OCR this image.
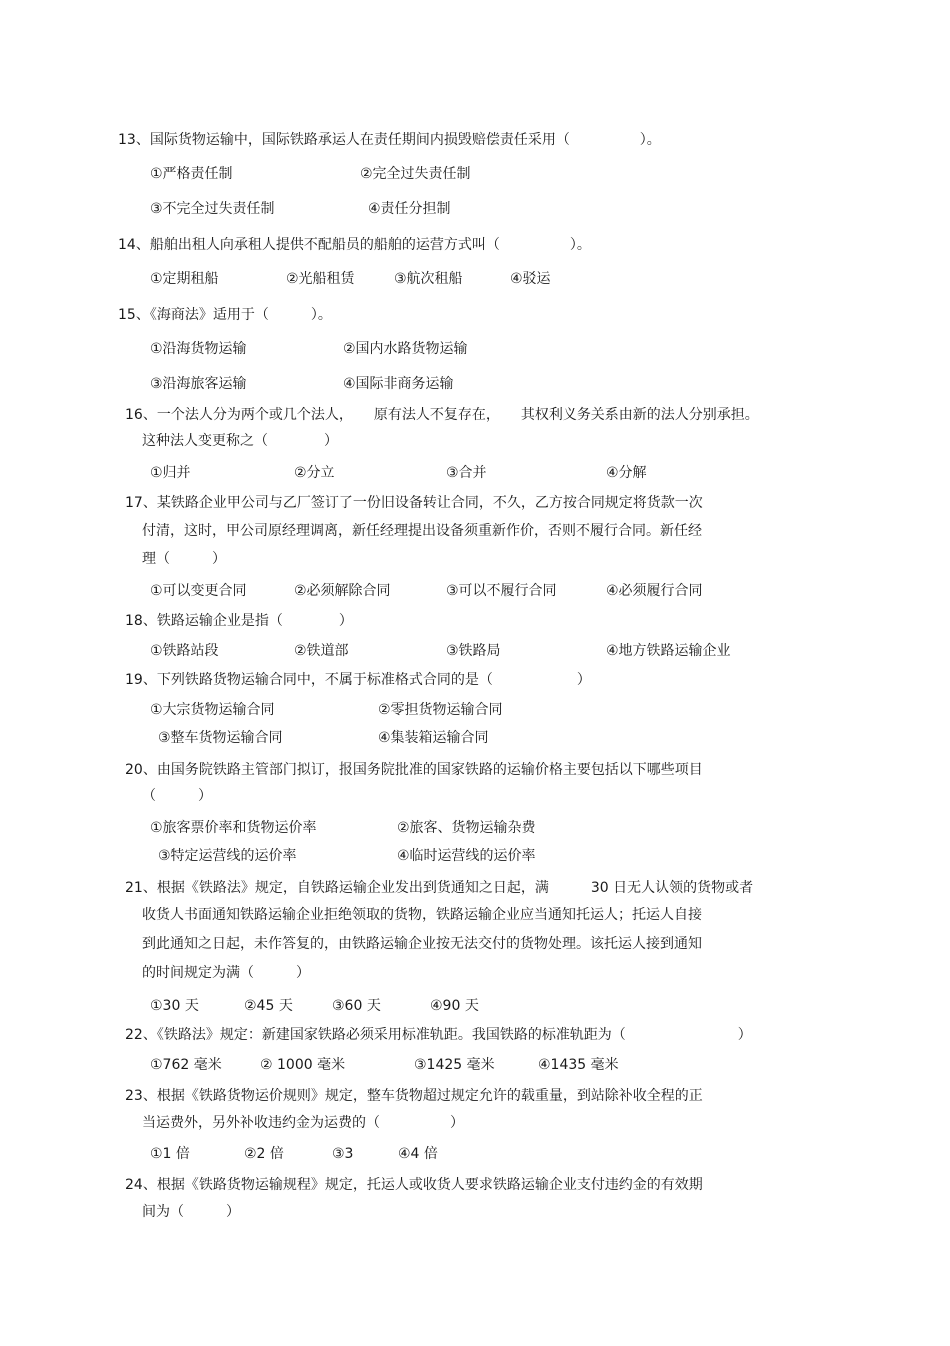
13、国际货物运输中，国际铁路承运人在责任期间内损毁赔偿责任采用（　　　　　）。
①严格责任制	②完全过失责任制
③不完全过失责任制	④责任分担制
14、船舶出租人向承租人提供不配船员的船舶的运营方式叫（　　　　　）。
①定期租船	②光船租赁	③航次租船	④驳运
15、《海商法》适用于（　　　）。
①沿海货物运输	②国内水路货物运输
③沿海旅客运输	④国际非商务运输
16、一个法人分为两个或几个法人，　　原有法人不复存在，　　其权利义务关系由新的法人分别承担。
这种法人变更称之（　　　　）
①归并	②分立	③合并	④分解
17、某铁路企业甲公司与乙厂签订了一份旧设备转让合同，不久，乙方按合同规定将货款一次
付清，这时，甲公司原经理调离，新任经理提出设备须重新作价，否则不履行合同。新任经
理（　　　）
①可以变更合同	②必须解除合同	③可以不履行合同	④必须履行合同
18、铁路运输企业是指（　　　　）
①铁路站段	②铁道部	③铁路局	④地方铁路运输企业
19、下列铁路货物运输合同中，不属于标准格式合同的是（　　　　　　）
①大宗货物运输合同	②零担货物运输合同
③整车货物运输合同	④集装箱运输合同
20、由国务院铁路主管部门拟订，报国务院批准的国家铁路的运输价格主要包括以下哪些项目
（　　　）
①旅客票价率和货物运价率	②旅客、货物运输杂费
③特定运营线的运价率	④临时运营线的运价率
21、根据《铁路法》规定，自铁路运输企业发出到货通知之日起，满　　　30 日无人认领的货物或者
收货人书面通知铁路运输企业拒绝领取的货物，铁路运输企业应当通知托运人；托运人自接
到此通知之日起，未作答复的，由铁路运输企业按无法交付的货物处理。该托运人接到通知
的时间规定为满（　　　）
①30 天	②45 天	③60 天	④90 天
22、《铁路法》规定：新建国家铁路必须采用标准轨距。我国铁路的标准轨距为（　　　　　　　　）
①762 毫米	② 1000 毫米	③1425 毫米	④1435 毫米
23、根据《铁路货物运价规则》规定，整车货物超过规定允许的载重量，到站除补收全程的正
当运费外，另外补收违约金为运费的（　　　　　）
①1 倍	②2 倍	③3	④4 倍
24、根据《铁路货物运输规程》规定，托运人或收货人要求铁路运输企业支付违约金的有效期
间为（　　　）
